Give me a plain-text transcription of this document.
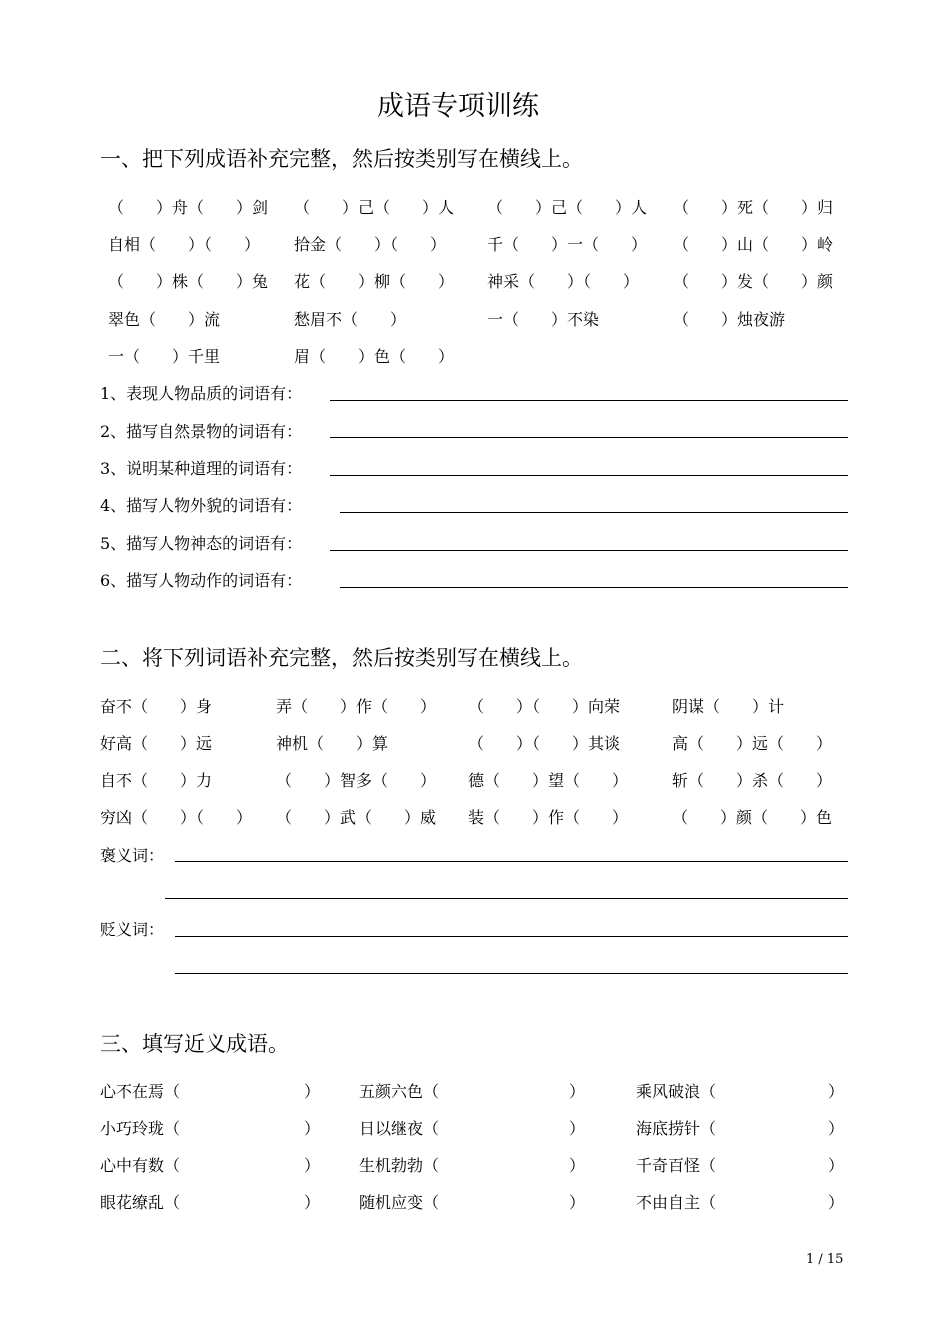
成语专项训练
一、把下列成语补充完整，然后按类别写在横线上。
（　　）舟（　　）剑 （　　）己（　　）人 （　　）己（　　）人 （　　）死（　　）归
自相（　　）（　　） 拾金（　　）（　　）	千（　　）一（　　） （　　）山（　　）岭
（　　）株（　　）兔 花（　　）柳（　　） 神采（　　）（　　） （　　）发（　　）颜
翠色（　　）流	愁眉不（　　）	一（　　）不染	（　　）烛夜游
一（　　）千里	眉（　　）色（　　）
1、表现人物品质的词语有：
2、描写自然景物的词语有：
3、说明某种道理的词语有：
4、描写人物外貌的词语有：
5、描写人物神态的词语有：
6、描写人物动作的词语有：
二、将下列词语补充完整，然后按类别写在横线上。
奋不（　　）身	弄（　　）作（　　） （　　）（　　）向荣	阴谋（　　）计
好高（　　）远	神机（　　）算	（　　）（　　）其谈	高（　　）远（　　）
自不（　　）力	（　　）智多（　　） 德（　　）望（　　）	斩（　　）杀（　　）
穷凶（　　）（　　） （　　）武（　　）威 装（　　）作（　　）	（　　）颜（　　）色
褒义词：
贬义词：
三、填写近义成语。
心不在焉（	） 五颜六色（	）	乘风破浪（	）
小巧玲珑（	） 日以继夜（	）	海底捞针（	）
心中有数（	） 生机勃勃（	）	千奇百怪（	）
眼花缭乱（	） 随机应变（	）	不由自主（	）
1 / 15
